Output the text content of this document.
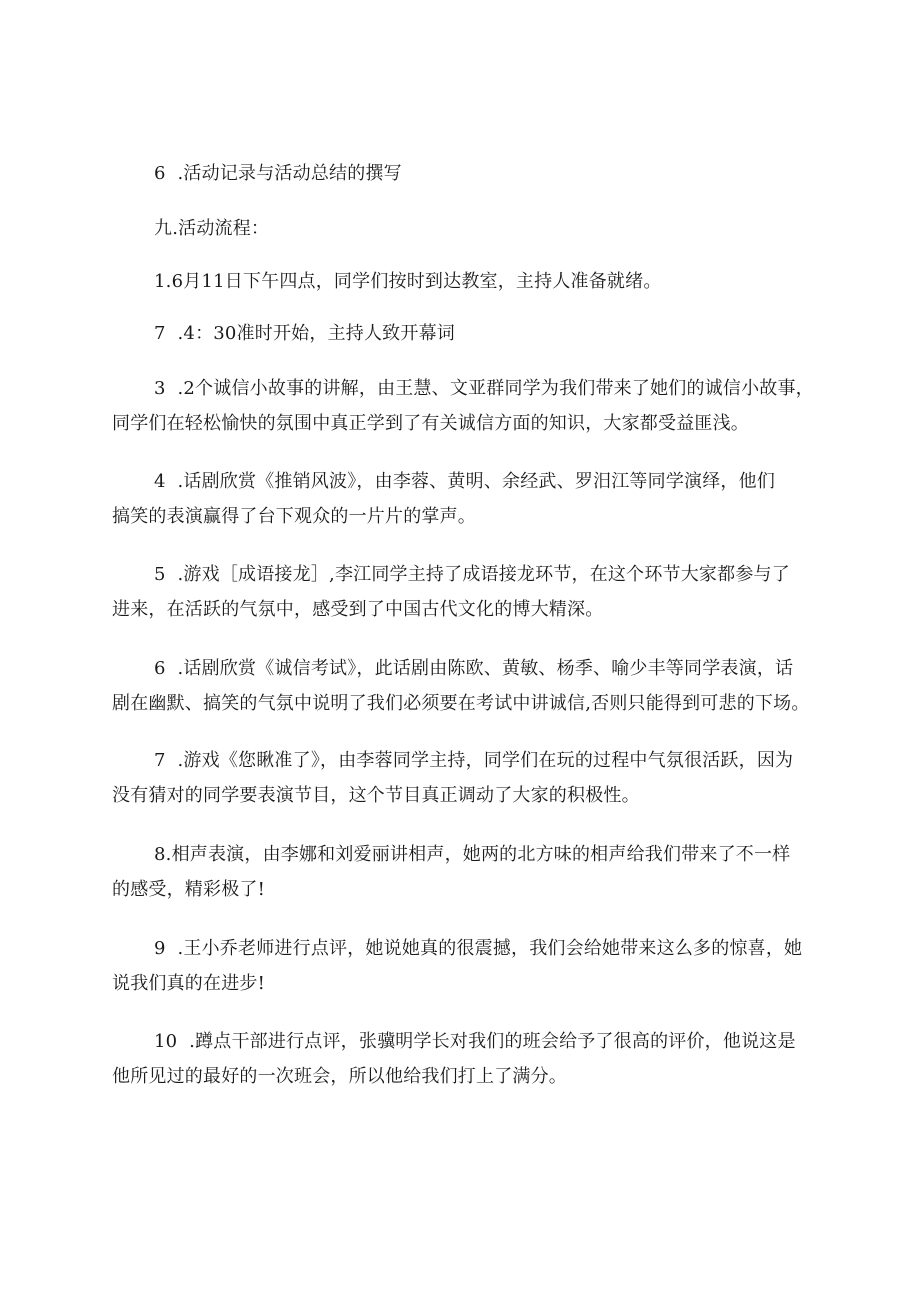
6  .活动记录与活动总结的撰写

九.活动流程：

1.6月11日下午四点，同学们按时到达教室，主持人准备就绪。

7  .4：30准时开始，主持人致开幕词

3  .2个诚信小故事的讲解，由王慧、文亚群同学为我们带来了她们的诚信小故事，
同学们在轻松愉快的氛围中真正学到了有关诚信方面的知识，大家都受益匪浅。

4  .话剧欣赏《推销风波》，由李蓉、黄明、余经武、罗汨江等同学演绎，他们
搞笑的表演赢得了台下观众的一片片的掌声。

5  .游戏［成语接龙］,李江同学主持了成语接龙环节，在这个环节大家都参与了
进来，在活跃的气氛中，感受到了中国古代文化的博大精深。

6  .话剧欣赏《诚信考试》，此话剧由陈欧、黄敏、杨季、喻少丰等同学表演，话
剧在幽默、搞笑的气氛中说明了我们必须要在考试中讲诚信,否则只能得到可悲的下场。

7  .游戏《您瞅准了》，由李蓉同学主持，同学们在玩的过程中气氛很活跃，因为
没有猜对的同学要表演节目，这个节目真正调动了大家的积极性。

8.相声表演，由李娜和刘爱丽讲相声，她两的北方味的相声给我们带来了不一样
的感受，精彩极了!

9  .王小乔老师进行点评，她说她真的很震撼，我们会给她带来这么多的惊喜，她
说我们真的在进步!

10  .蹲点干部进行点评，张骥明学长对我们的班会给予了很高的评价，他说这是
他所见过的最好的一次班会，所以他给我们打上了满分。
